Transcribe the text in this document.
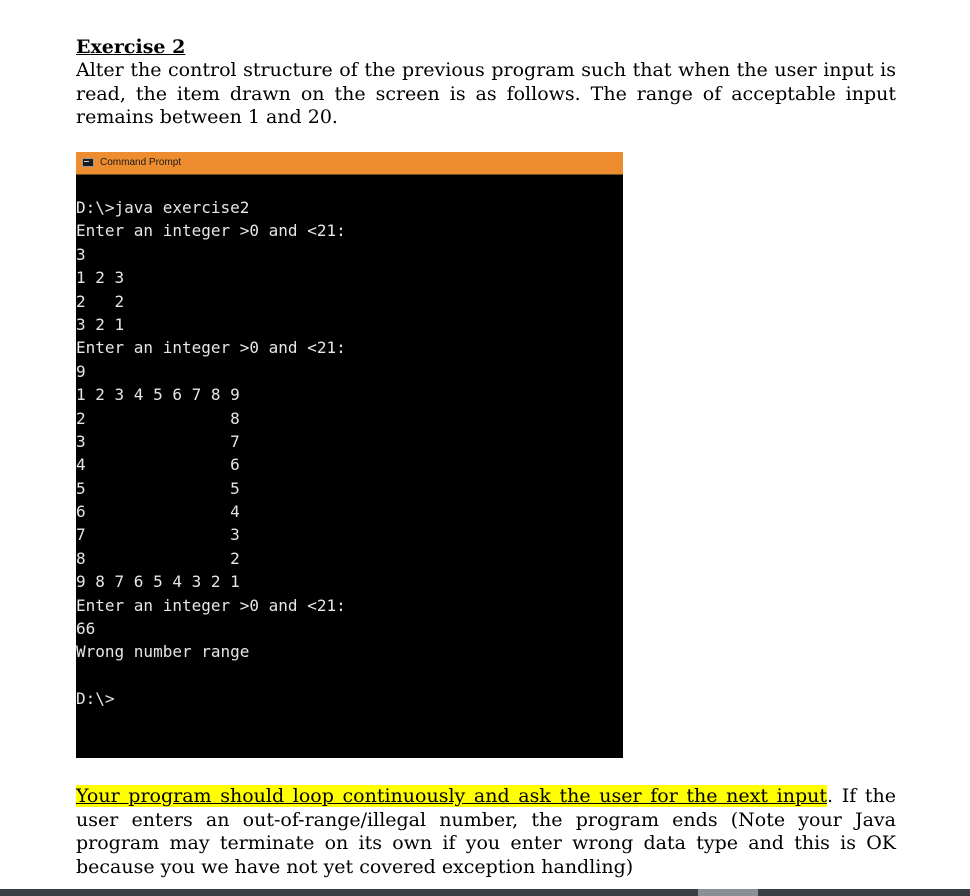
Exercise 2
Alter the control structure of the previous program such that when the user input is read, the item drawn on the screen is as follows. The range of acceptable input remains between 1 and 20.
Command Prompt
D:\>java exercise2
Enter an integer >0 and <21:
3
1 2 3
2   2
3 2 1
Enter an integer >0 and <21:
9
1 2 3 4 5 6 7 8 9
2               8
3               7
4               6
5               5
6               4
7               3
8               2
9 8 7 6 5 4 3 2 1
Enter an integer >0 and <21:
66
Wrong number range
D:\>
Your program should loop continuously and ask the user for the next input. If the user enters an out-of-range/illegal number, the program ends (Note your Java program may terminate on its own if you enter wrong data type and this is OK because you we have not yet covered exception handling)
